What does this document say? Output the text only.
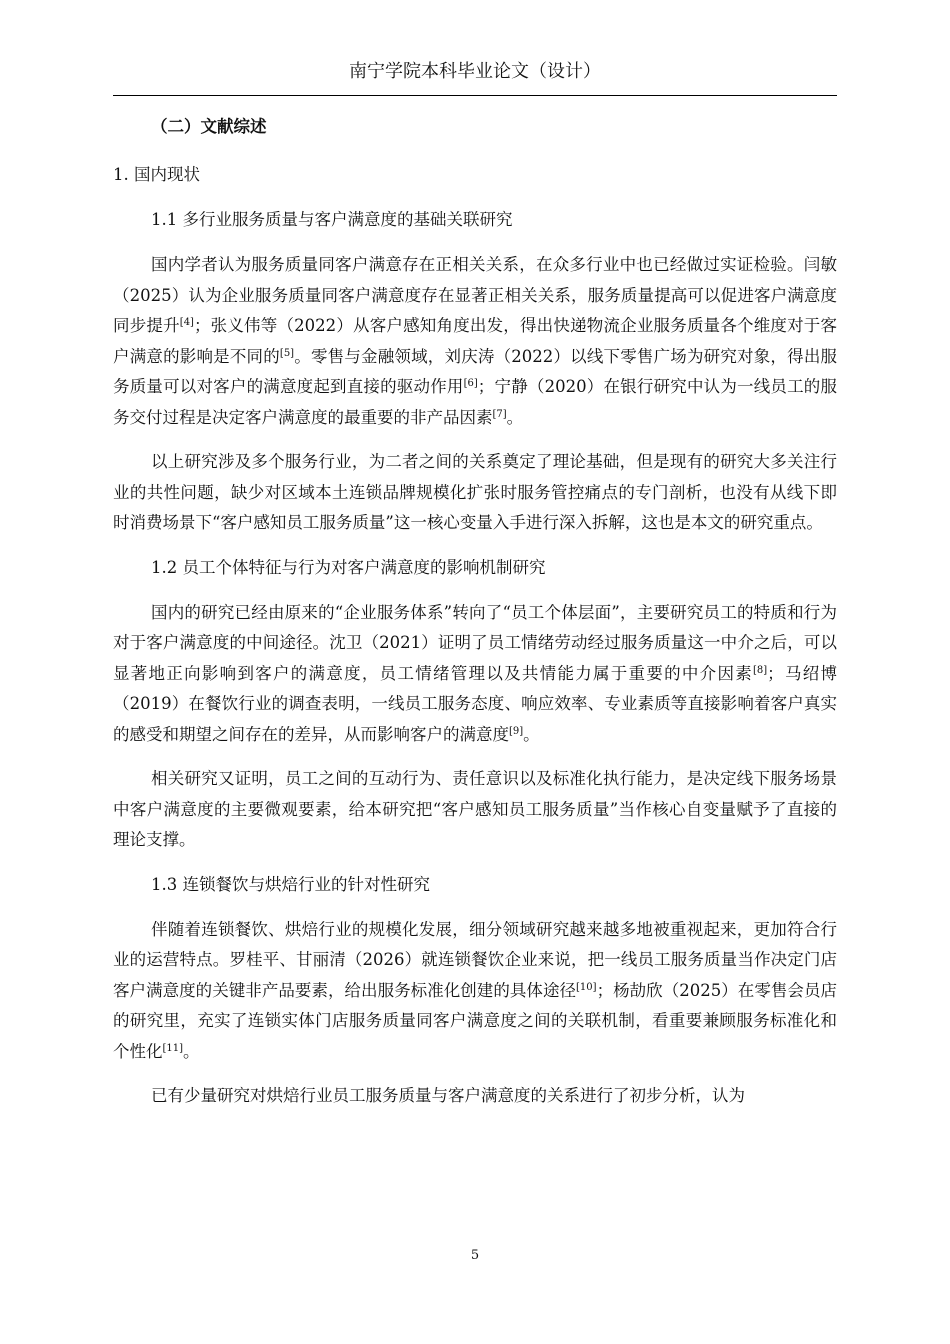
南宁学院本科毕业论文（设计）
（二）文献综述
1. 国内现状
1.1 多行业服务质量与客户满意度的基础关联研究

国内学者认为服务质量同客户满意存在正相关关系，在众多行业中也已经做过实证检验。闫敏（2025）认为企业服务质量同客户满意度存在显著正相关关系，服务质量提高可以促进客户满意度同步提升[4]；张义伟等（2022）从客户感知角度出发，得出快递物流企业服务质量各个维度对于客户满意的影响是不同的[5]。零售与金融领域，刘庆涛（2022）以线下零售广场为研究对象，得出服务质量可以对客户的满意度起到直接的驱动作用[6]；宁静（2020）在银行研究中认为一线员工的服务交付过程是决定客户满意度的最重要的非产品因素[7]。

以上研究涉及多个服务行业，为二者之间的关系奠定了理论基础，但是现有的研究大多关注行业的共性问题，缺少对区域本土连锁品牌规模化扩张时服务管控痛点的专门剖析，也没有从线下即时消费场景下“客户感知员工服务质量”这一核心变量入手进行深入拆解，这也是本文的研究重点。

1.2 员工个体特征与行为对客户满意度的影响机制研究

国内的研究已经由原来的“企业服务体系”转向了“员工个体层面”，主要研究员工的特质和行为对于客户满意度的中间途径。沈卫（2021）证明了员工情绪劳动经过服务质量这一中介之后，可以显著地正向影响到客户的满意度，员工情绪管理以及共情能力属于重要的中介因素[8]；马绍博（2019）在餐饮行业的调查表明，一线员工服务态度、响应效率、专业素质等直接影响着客户真实的感受和期望之间存在的差异，从而影响客户的满意度[9]。

相关研究又证明，员工之间的互动行为、责任意识以及标准化执行能力，是决定线下服务场景中客户满意度的主要微观要素，给本研究把“客户感知员工服务质量”当作核心自变量赋予了直接的理论支撑。

1.3 连锁餐饮与烘焙行业的针对性研究

伴随着连锁餐饮、烘焙行业的规模化发展，细分领域研究越来越多地被重视起来，更加符合行业的运营特点。罗桂平、甘丽清（2026）就连锁餐饮企业来说，把一线员工服务质量当作决定门店客户满意度的关键非产品要素，给出服务标准化创建的具体途径[10]；杨劼欣（2025）在零售会员店的研究里，充实了连锁实体门店服务质量同客户满意度之间的关联机制，看重要兼顾服务标准化和个性化[11]。

已有少量研究对烘焙行业员工服务质量与客户满意度的关系进行了初步分析，认为

5
